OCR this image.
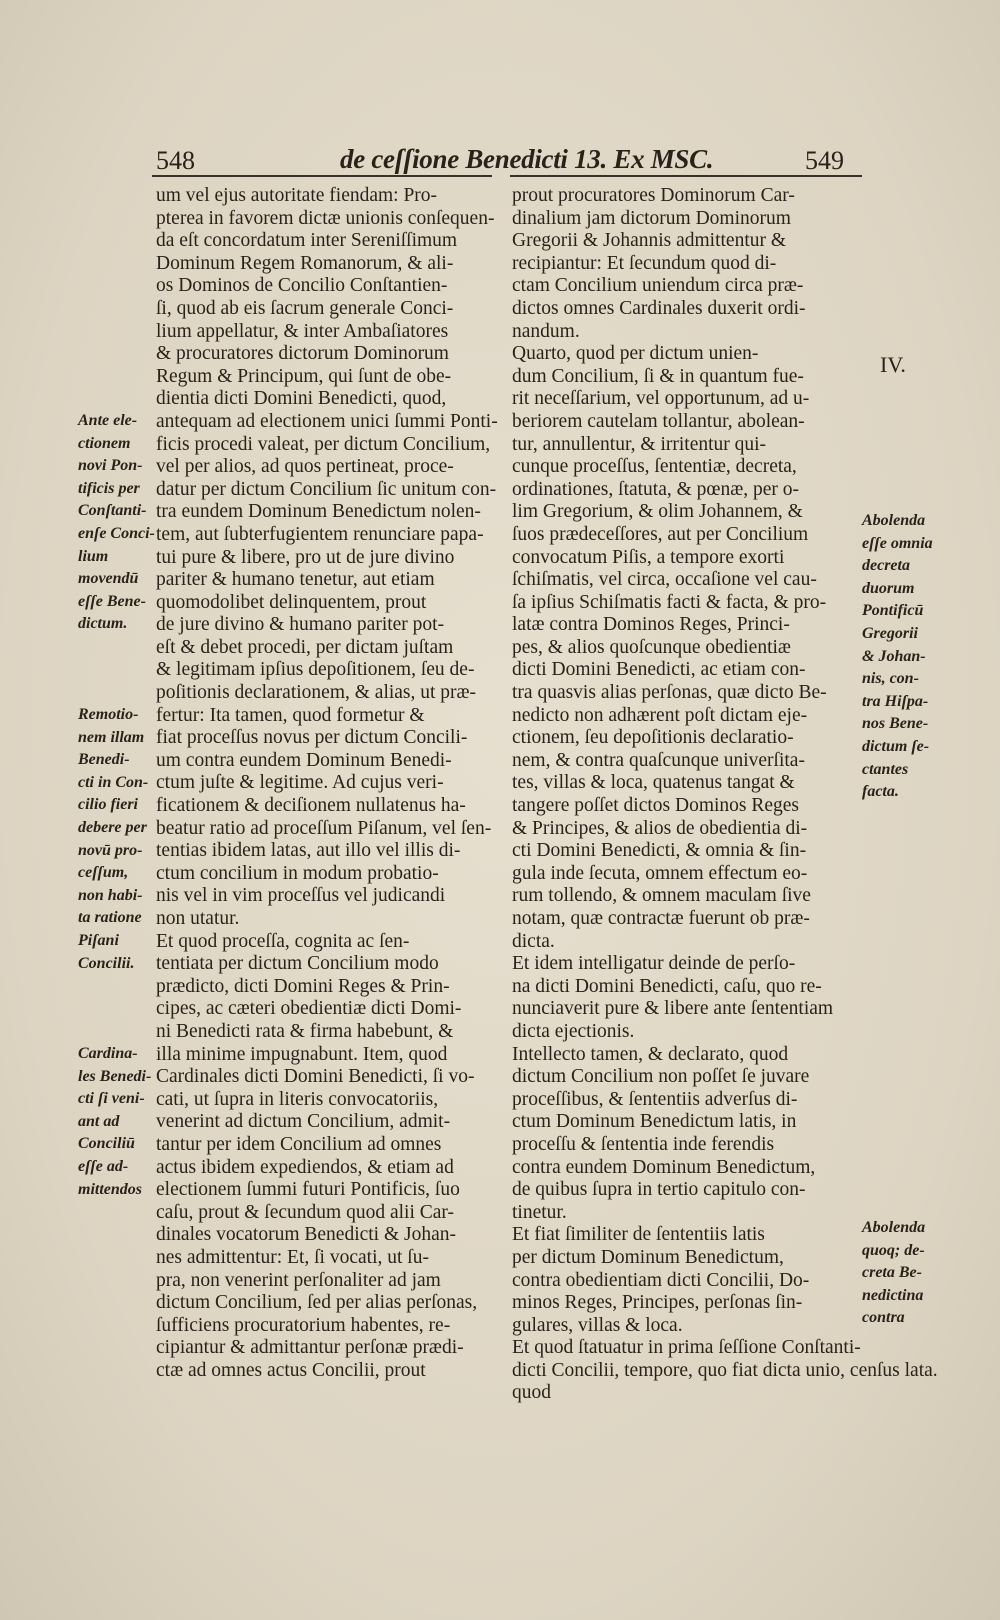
548	de ceſſione Benedicti 13. Ex MSC.	549
um vel ejus autoritate fiendam: Pro-
pterea in favorem dictæ unionis conſequen-
da eſt concordatum inter Sereniſſimum
Dominum Regem Romanorum, & ali-
os Dominos de Concilio Conſtantien-
ſi, quod ab eis ſacrum generale Conci-
lium appellatur, & inter Ambaſiatores
& procuratores dictorum Dominorum
Regum & Principum, qui ſunt de obe-
dientia dicti Domini Benedicti, quod,
antequam ad electionem unici ſummi Ponti-
ficis procedi valeat, per dictum Concilium,
vel per alios, ad quos pertineat, proce-
datur per dictum Concilium ſic unitum con-
tra eundem Dominum Benedictum nolen-
tem, aut ſubterfugientem renunciare papa-
tui pure & libere, pro ut de jure divino
pariter & humano tenetur, aut etiam
quomodolibet delinquentem, prout
de jure divino & humano pariter pot-
eſt & debet procedi, per dictam juſtam
& legitimam ipſius depoſitionem, ſeu de-
poſitionis declarationem, & alias, ut præ-
fertur: Ita tamen, quod formetur &
fiat proceſſus novus per dictum Concili-
um contra eundem Dominum Benedi-
ctum juſte & legitime. Ad cujus veri-
ficationem & deciſionem nullatenus ha-
beatur ratio ad proceſſum Piſanum, vel ſen-
tentias ibidem latas, aut illo vel illis di-
ctum concilium in modum probatio-
nis vel in vim proceſſus vel judicandi
non utatur.
Et quod proceſſa, cognita ac ſen-
tentiata per dictum Concilium modo
prædicto, dicti Domini Reges & Prin-
cipes, ac cæteri obedientiæ dicti Domi-
ni Benedicti rata & firma habebunt, &
illa minime impugnabunt. Item, quod
Cardinales dicti Domini Benedicti, ſi vo-
cati, ut ſupra in literis convocatoriis,
venerint ad dictum Concilium, admit-
tantur per idem Concilium ad omnes
actus ibidem expediendos, & etiam ad
electionem ſummi futuri Pontificis, ſuo
caſu, prout & ſecundum quod alii Car-
dinales vocatorum Benedicti & Johan-
nes admittentur: Et, ſi vocati, ut ſu-
pra, non venerint perſonaliter ad jam
dictum Concilium, ſed per alias perſonas,
ſufficiens procuratorium habentes, re-
cipiantur & admittantur perſonæ prædi-
ctæ ad omnes actus Concilii, prout
prout procuratores Dominorum Car-
dinalium jam dictorum Dominorum
Gregorii & Johannis admittentur &
recipiantur: Et ſecundum quod di-
ctam Concilium uniendum circa præ-
dictos omnes Cardinales duxerit ordi-
nandum.
Quarto, quod per dictum unien-
dum Concilium, ſi & in quantum fue-
rit neceſſarium, vel opportunum, ad u-
beriorem cautelam tollantur, abolean-
tur, annullentur, & irritentur qui-
cunque proceſſus, ſententiæ, decreta,
ordinationes, ſtatuta, & pœnæ, per o-
lim Gregorium, & olim Johannem, &
ſuos prædeceſſores, aut per Concilium
convocatum Piſis, a tempore exorti
ſchiſmatis, vel circa, occaſione vel cau-
ſa ipſius Schiſmatis facti & facta, & pro-
latæ contra Dominos Reges, Princi-
pes, & alios quoſcunque obedientiæ
dicti Domini Benedicti, ac etiam con-
tra quasvis alias perſonas, quæ dicto Be-
nedicto non adhærent poſt dictam eje-
ctionem, ſeu depoſitionis declaratio-
nem, & contra quaſcunque univerſita-
tes, villas & loca, quatenus tangat &
tangere poſſet dictos Dominos Reges
& Principes, & alios de obedientia di-
cti Domini Benedicti, & omnia & ſin-
gula inde ſecuta, omnem effectum eo-
rum tollendo, & omnem maculam ſive
notam, quæ contractæ fuerunt ob præ-
dicta.
Et idem intelligatur deinde de perſo-
na dicti Domini Benedicti, caſu, quo re-
nunciaverit pure & libere ante ſententiam
dicta ejectionis.
Intellecto tamen, & declarato, quod
dictum Concilium non poſſet ſe juvare
proceſſibus, & ſententiis adverſus di-
ctum Dominum Benedictum latis, in
proceſſu & ſententia inde ferendis
contra eundem Dominum Benedictum,
de quibus ſupra in tertio capitulo con-
tinetur.
Et fiat ſimiliter de ſententiis latis
per dictum Dominum Benedictum,
contra obedientiam dicti Concilii, Do-
minos Reges, Principes, perſonas ſin-
gulares, villas & loca.
Et quod ſtatuatur in prima ſeſſione Conſtanti-
dicti Concilii, tempore, quo fiat dicta unio, cenſus lata.
quod
Ante ele-
ctionem
novi Pon-
tificis per
Conſtanti-
enſe Conci-
lium
movendū
eſſe Bene-
dictum.
Remotio-
nem illam
Benedi-
cti in Con-
cilio fieri
debere per
novū pro-
ceſſum,
non habi-
ta ratione
Piſani
Concilii.
Cardina-
les Benedi-
cti ſi veni-
ant ad
Conciliū
eſſe ad-
mittendos
IV.
Abolenda
eſſe omnia
decreta
duorum
Pontificū
Gregorii
& Johan-
nis, con-
tra Hiſpa-
nos Bene-
dictum ſe-
ctantes
facta.
Abolenda
quoq; de-
creta Be-
nedictina
contra
